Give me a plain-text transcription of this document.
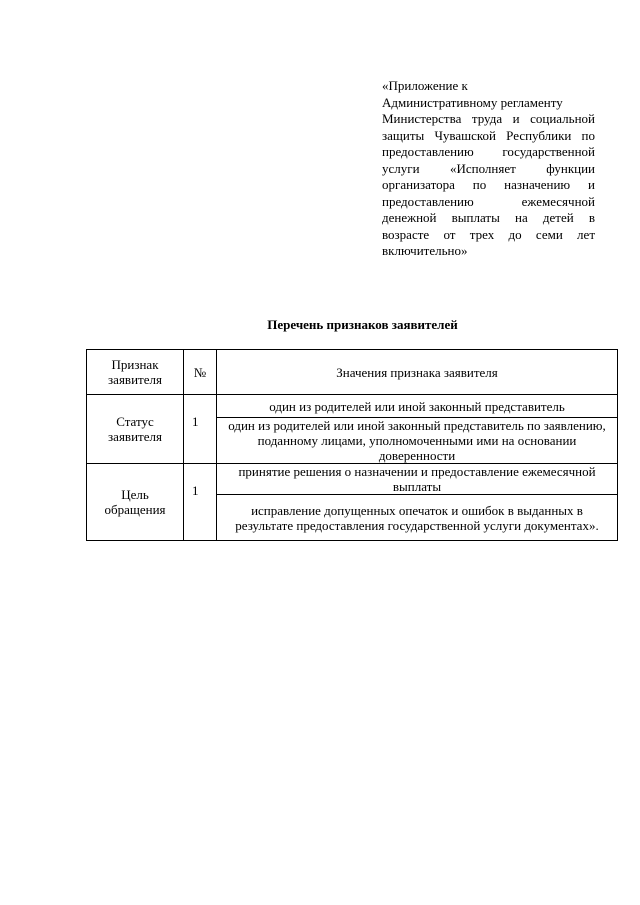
«Приложение к
Административному регламенту
Министерства труда и социальной
защиты Чувашской Республики по
предоставлению государственной
услуги «Исполняет функции
организатора по назначению и
предоставлению ежемесячной
денежной выплаты на детей в
возрасте от трех до семи лет
включительно»
Перечень признаков заявителей
Признак заявителя	№	Значения признака заявителя
Статус заявителя	1	один из родителей или иной законный представитель
		один из родителей или иной законный представитель по заявлению, поданному лицами, уполномоченными ими на основании доверенности
Цель обращения	1	принятие решения о назначении и предоставление ежемесячной выплаты
		исправление допущенных опечаток и ошибок в выданных в результате предоставления государственной услуги документах».
